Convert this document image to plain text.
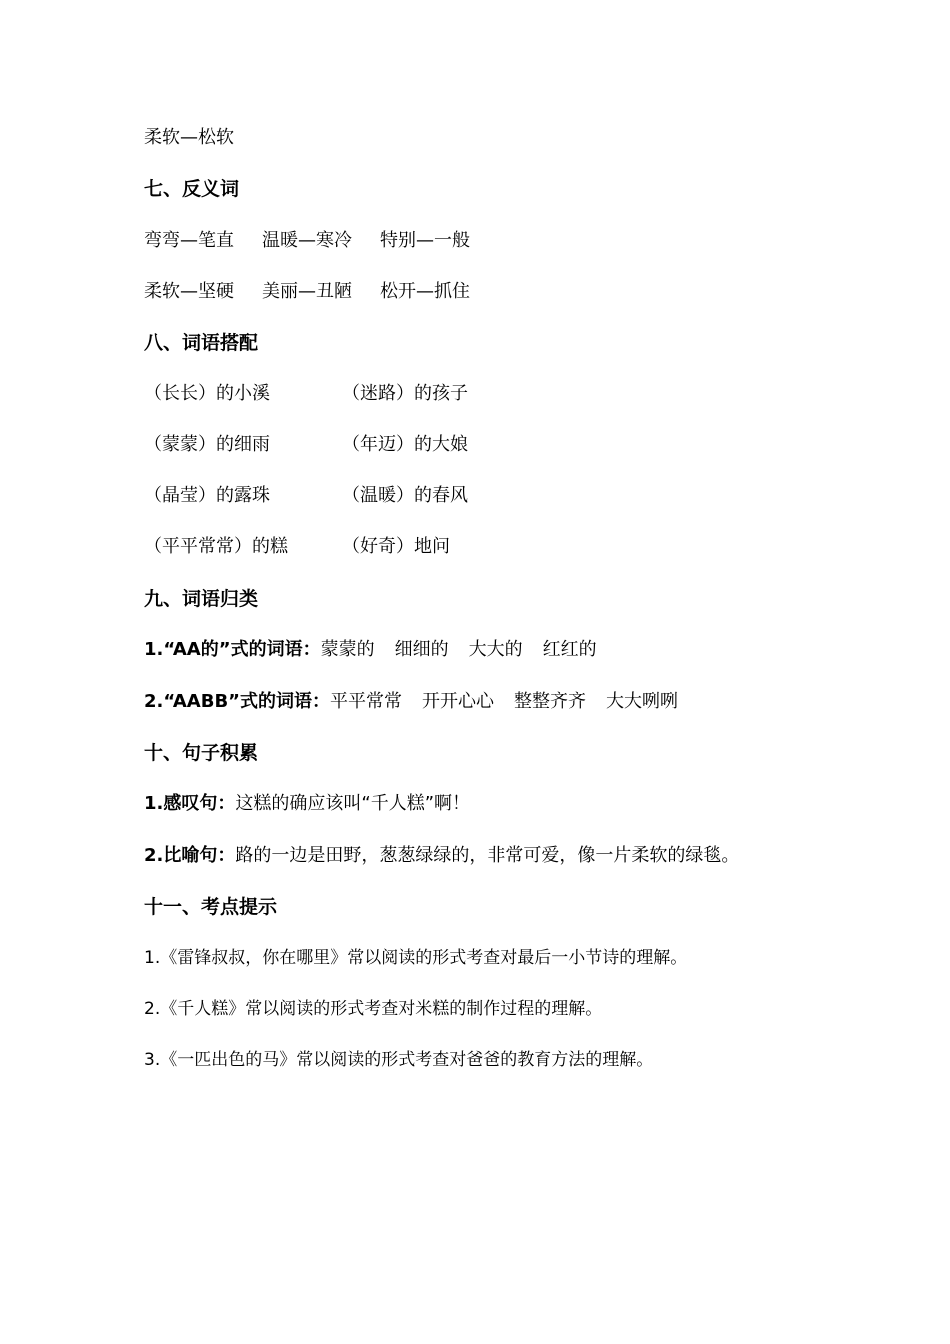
柔软—松软
七、反义词
弯弯—笔直 温暖—寒冷 特别—一般
柔软—坚硬 美丽—丑陋 松开—抓住
八、词语搭配
（长长）的小溪	（迷路）的孩子
（蒙蒙）的细雨	（年迈）的大娘
（晶莹）的露珠	（温暖）的春风
（平平常常）的糕	（好奇）地问
九、词语归类
1.“AA的”式的词语：蒙蒙的 细细的 大大的 红红的
2.“AABB”式的词语：平平常常 开开心心 整整齐齐 大大咧咧
十、句子积累
1.感叹句：这糕的确应该叫“千人糕”啊！
2.比喻句：路的一边是田野，葱葱绿绿的，非常可爱，像一片柔软的绿毯。
十一、考点提示
1.《雷锋叔叔，你在哪里》常以阅读的形式考查对最后一小节诗的理解。
2.《千人糕》常以阅读的形式考查对米糕的制作过程的理解。
3.《一匹出色的马》常以阅读的形式考查对爸爸的教育方法的理解。
